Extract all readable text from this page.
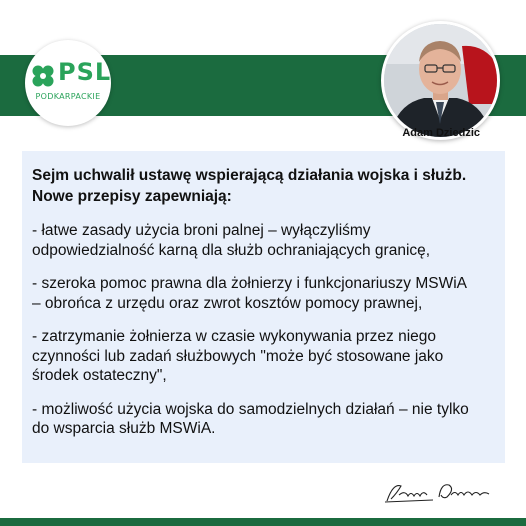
PSL
PODKARPACKIE
Adam Dziedzic
Sejm uchwalił ustawę wspierającą działania wojska i służb.
Nowe przepisy zapewniają:
- łatwe zasady użycia broni palnej – wyłączyliśmy
odpowiedzialność karną dla służb ochraniających granicę,
- szeroka pomoc prawna dla żołnierzy i funkcjonariuszy MSWiA
– obrońca z urzędu oraz zwrot kosztów pomocy prawnej,
- zatrzymanie żołnierza w czasie wykonywania przez niego
czynności lub zadań służbowych "może być stosowane jako
środek ostateczny",
- możliwość użycia wojska do samodzielnych działań – nie tylko
do wsparcia służb MSWiA.
